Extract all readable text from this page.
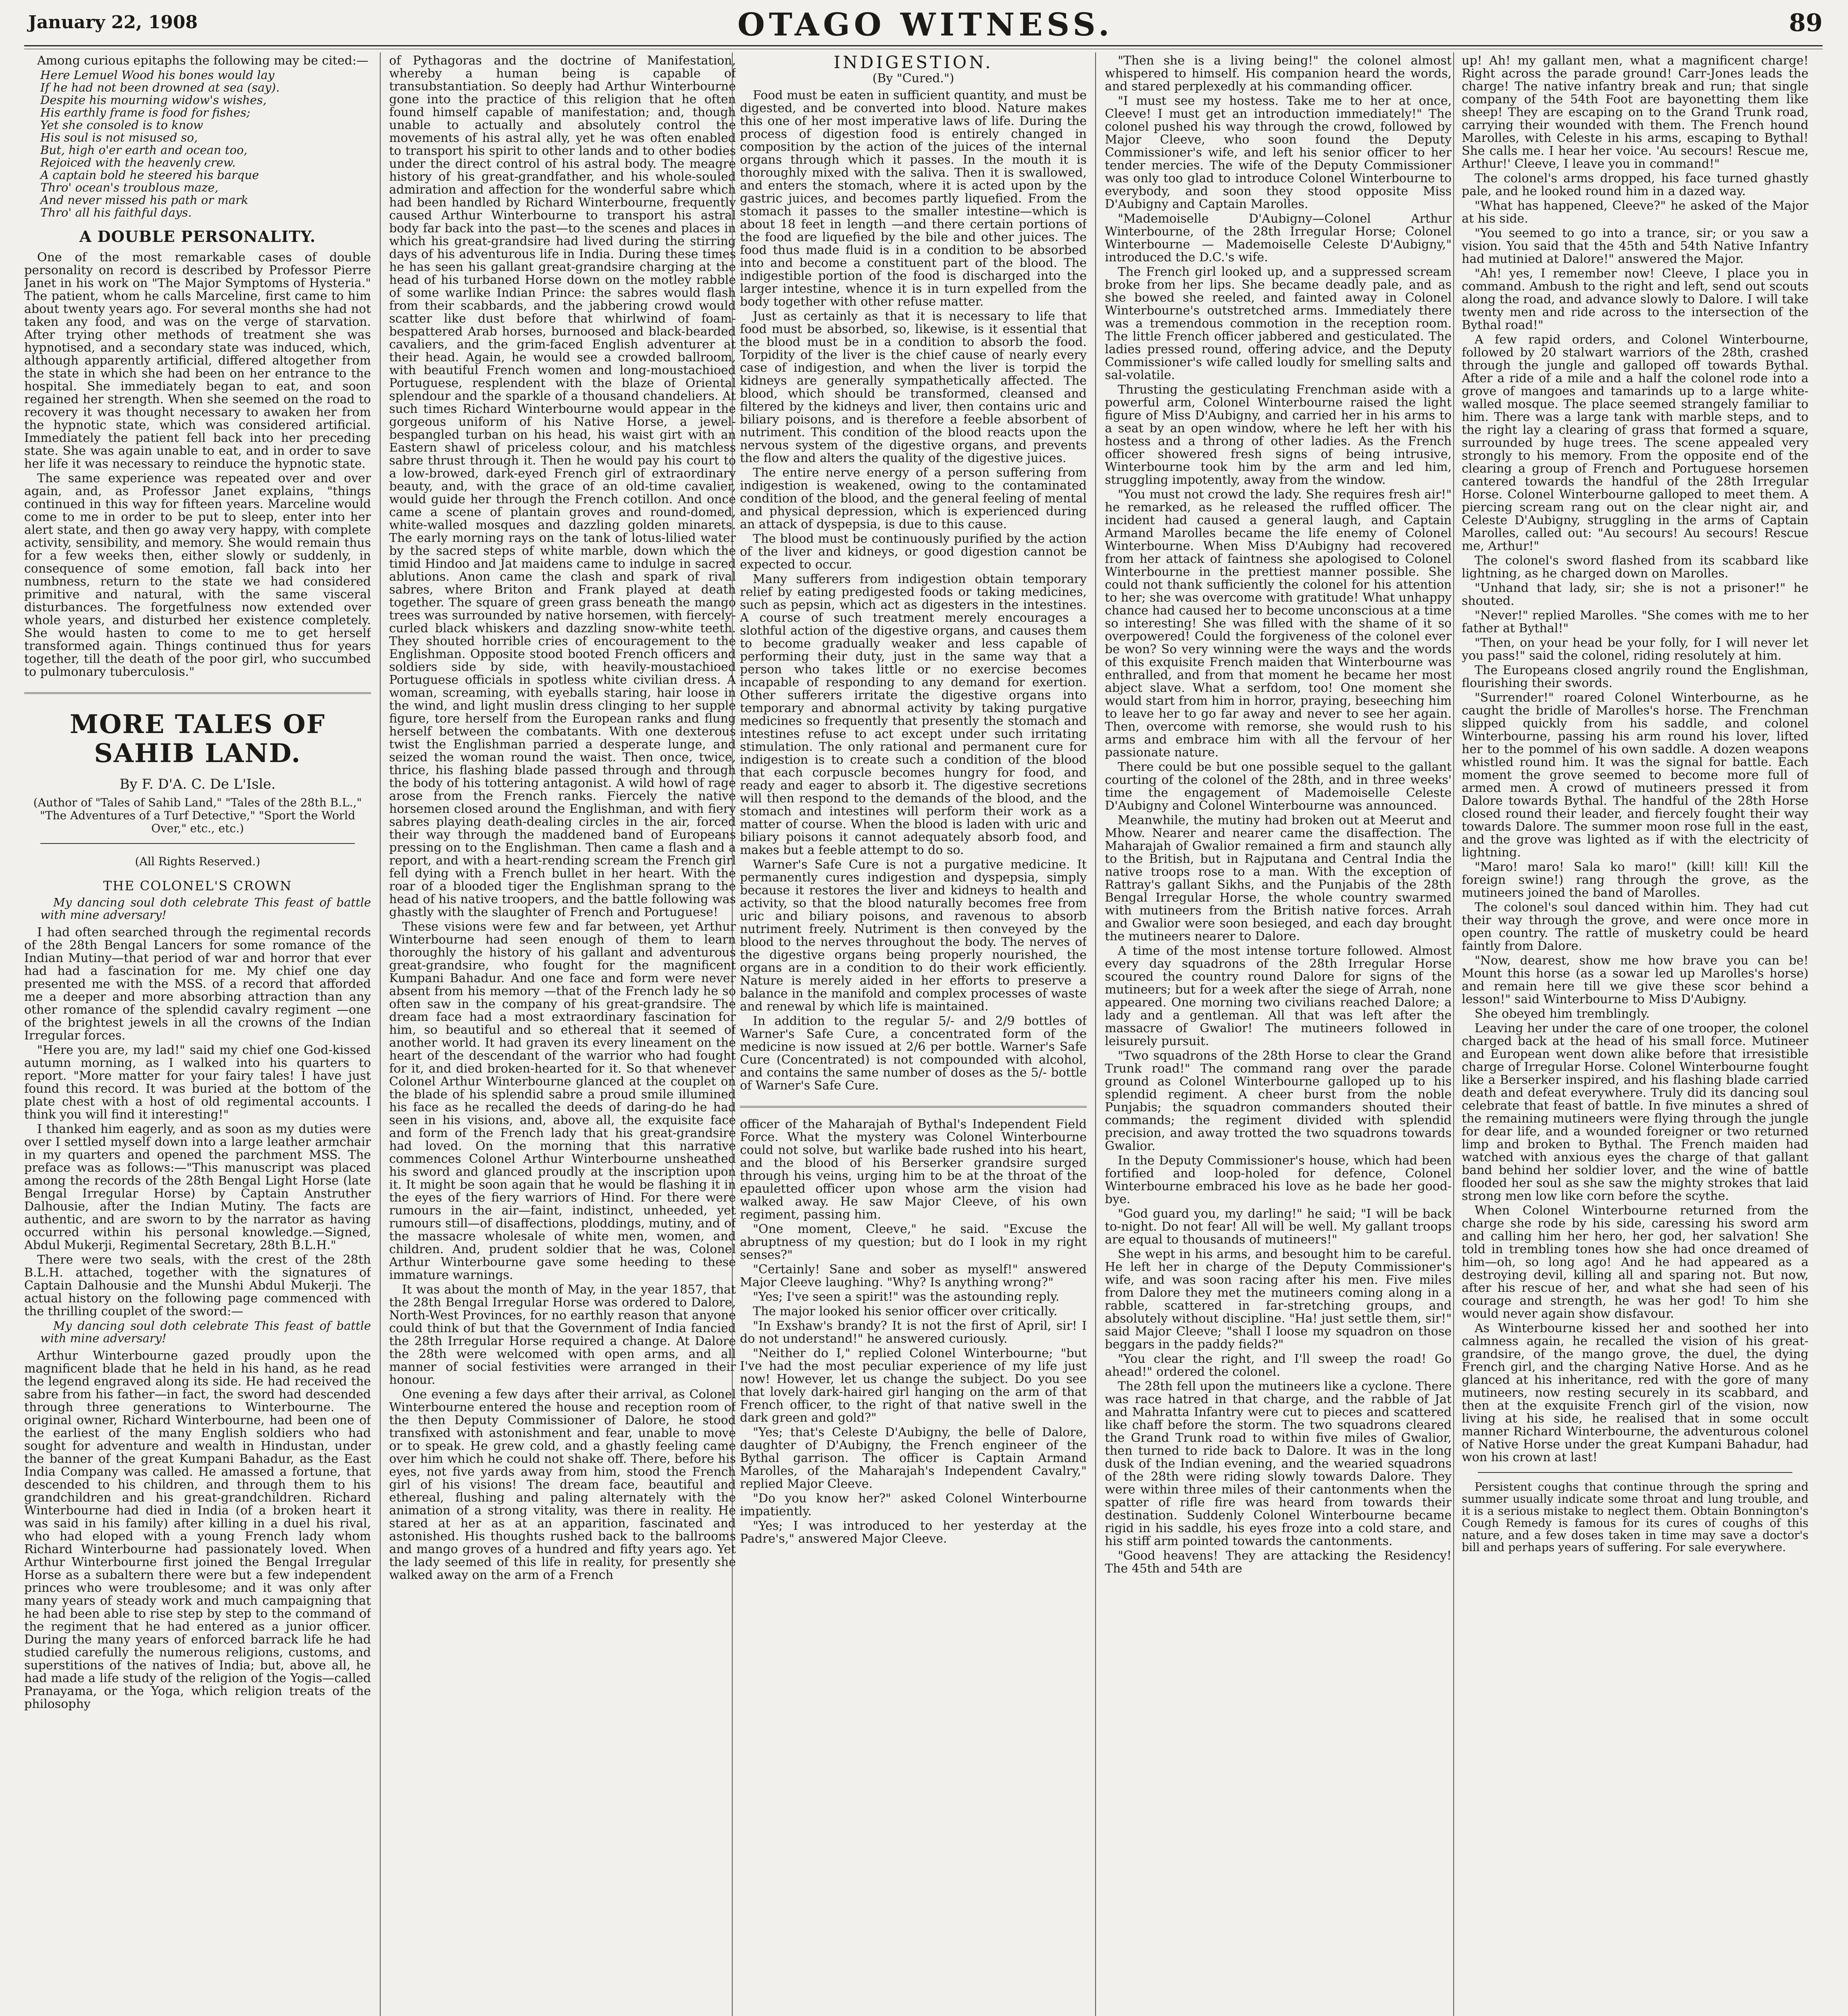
January 22, 1908	OTAGO WITNESS.	89

Among curious epitaphs the following may be cited:—

Here Lemuel Wood his bones would lay
If he had not been drowned at sea (say).
Despite his mourning widow's wishes,
His earthly frame is food for fishes;
Yet she consoled is to know
His soul is not misused so,
But, high o'er earth and ocean too,
Rejoiced with the heavenly crew.
A captain bold he steered his barque
Thro' ocean's troublous maze,
And never missed his path or mark
Thro' all his faithful days.
A DOUBLE PERSONALITY.

One of the most remarkable cases of double personality on record is described by Professor Pierre Janet in his work on "The Major Symptoms of Hysteria." The patient, whom he calls Marceline, first came to him about twenty years ago. For several months she had not taken any food, and was on the verge of starvation. After trying other methods of treatment she was hypnotised, and a secondary state was induced, which, although apparently artificial, differed altogether from the state in which she had been on her entrance to the hospital. She immediately began to eat, and soon regained her strength. When she seemed on the road to recovery it was thought necessary to awaken her from the hypnotic state, which was considered artificial. Immediately the patient fell back into her preceding state. She was again unable to eat, and in order to save her life it was necessary to reinduce the hypnotic state.

The same experience was repeated over and over again, and, as Professor Janet explains, "things continued in this way for fifteen years. Marceline would come to me in order to be put to sleep, enter into her alert state, and then go away very happy, with complete activity, sensibility, and memory. She would remain thus for a few weeks then, either slowly or suddenly, in consequence of some emotion, fall back into her numbness, return to the state we had considered primitive and natural, with the same visceral disturbances. The forgetfulness now extended over whole years, and disturbed her existence completely. She would hasten to come to me to get herself transformed again. Things continued thus for years together, till the death of the poor girl, who succumbed to pulmonary tuberculosis."

MORE TALES OF SAHIB LAND.
By F. D'A. C. De L'Isle.
(Author of "Tales of Sahib Land," "Tales of the 28th B.L.," "The Adventures of a Turf Detective," "Sport the World Over," etc., etc.)
(All Rights Reserved.)
THE COLONEL'S CROWN

My dancing soul doth celebrate This feast of battle with mine adversary!

I had often searched through the regimental records of the 28th Bengal Lancers for some romance of the Indian Mutiny—that period of war and horror that ever had had a fascination for me. My chief one day presented me with the MSS. of a record that afforded me a deeper and more absorbing attraction than any other romance of the splendid cavalry regiment —one of the brightest jewels in all the crowns of the Indian Irregular forces.

"Here you are, my lad!" said my chief one God-kissed autumn morning, as I walked into his quarters to report. "More matter for your fairy tales! I have just found this record. It was buried at the bottom of the plate chest with a host of old regimental accounts. I think you will find it interesting!"

I thanked him eagerly, and as soon as my duties were over I settled myself down into a large leather armchair in my quarters and opened the parchment MSS. The preface was as follows:—"This manuscript was placed among the records of the 28th Bengal Light Horse (late Bengal Irregular Horse) by Captain Anstruther Dalhousie, after the Indian Mutiny. The facts are authentic, and are sworn to by the narrator as having occurred within his personal knowledge.—Signed, Abdul Mukerji, Regimental Secretary, 28th B.L.H."

There were two seals, with the crest of the 28th B.L.H. attached, together with the signatures of Captain Dalhousie and the Munshi Abdul Mukerji. The actual history on the following page commenced with the thrilling couplet of the sword:—

My dancing soul doth celebrate This feast of battle with mine adversary!

Arthur Winterbourne gazed proudly upon the magnificent blade that he held in his hand, as he read the legend engraved along its side. He had received the sabre from his father—in fact, the sword had descended through three generations to Winterbourne. The original owner, Richard Winterbourne, had been one of the earliest of the many English soldiers who had sought for adventure and wealth in Hindustan, under the banner of the great Kumpani Bahadur, as the East India Company was called. He amassed a fortune, that descended to his children, and through them to his grandchildren and his great-grandchildren. Richard Winterbourne had died in India (of a broken heart it was said in his family) after killing in a duel his rival, who had eloped with a young French lady whom Richard Winterbourne had passionately loved. When Arthur Winterbourne first joined the Bengal Irregular Horse as a subaltern there were but a few independent princes who were troublesome; and it was only after many years of steady work and much campaigning that he had been able to rise step by step to the command of the regiment that he had entered as a junior officer. During the many years of enforced barrack life he had studied carefully the numerous religions, customs, and superstitions of the natives of India; but, above all, he had made a life study of the religion of the Yogis—called Pranayama, or the Yoga, which religion treats of the philosophy

of Pythagoras and the doctrine of Manifestation, whereby a human being is capable of transubstantiation. So deeply had Arthur Winterbourne gone into the practice of this religion that he often found himself capable of manifestation; and, though unable to actually and absolutely control the movements of his astral ally, yet he was often enabled to transport his spirit to other lands and to other bodies under the direct control of his astral body. The meagre history of his great-grandfather, and his whole-souled admiration and affection for the wonderful sabre which had been handled by Richard Winterbourne, frequently caused Arthur Winterbourne to transport his astral body far back into the past—to the scenes and places in which his great-grandsire had lived during the stirring days of his adventurous life in India. During these times he has seen his gallant great-grandsire charging at the head of his turbaned Horse down on the motley rabble of some warlike Indian Prince: the sabres would flash from their scabbards, and the jabbering crowd would scatter like dust before that whirlwind of foam-bespattered Arab horses, burnoosed and black-bearded cavaliers, and the grim-faced English adventurer at their head. Again, he would see a crowded ballroom, with beautiful French women and long-moustachioed Portuguese, resplendent with the blaze of Oriental splendour and the sparkle of a thousand chandeliers. At such times Richard Winterbourne would appear in the gorgeous uniform of his Native Horse, a jewel-bespangled turban on his head, his waist girt with an Eastern shawl of priceless colour, and his matchless sabre thrust through it. Then he would pay his court to a low-browed, dark-eyed French girl of extraordinary beauty, and, with the grace of an old-time cavalier, would guide her through the French cotillon. And once came a scene of plantain groves and round-domed, white-walled mosques and dazzling golden minarets. The early morning rays on the tank of lotus-lilied water by the sacred steps of white marble, down which the timid Hindoo and Jat maidens came to indulge in sacred ablutions. Anon came the clash and spark of rival sabres, where Briton and Frank played at death together. The square of green grass beneath the mango trees was surrounded by native horsemen, with fiercely-curled black whiskers and dazzling snow-white teeth. They shouted horrible cries of encouragement to the Englishman. Opposite stood booted French officers and soldiers side by side, with heavily-moustachioed Portuguese officials in spotless white civilian dress. A woman, screaming, with eyeballs staring, hair loose in the wind, and light muslin dress clinging to her supple figure, tore herself from the European ranks and flung herself between the combatants. With one dexterous twist the Englishman parried a desperate lunge, and seized the woman round the waist. Then once, twice, thrice, his flashing blade passed through and through the body of his tottering antagonist. A wild howl of rage arose from the French ranks. Fiercely the native horsemen closed around the Englishman, and with fiery sabres playing death-dealing circles in the air, forced their way through the maddened band of Europeans pressing on to the Englishman. Then came a flash and a report, and with a heart-rending scream the French girl fell dying with a French bullet in her heart. With the roar of a blooded tiger the Englishman sprang to the head of his native troopers, and the battle following was ghastly with the slaughter of French and Portuguese!

These visions were few and far between, yet Arthur Winterbourne had seen enough of them to learn thoroughly the history of his gallant and adventurous great-grandsire, who fought for the magnificent Kumpani Bahadur. And one face and form were never absent from his memory —that of the French lady he so often saw in the company of his great-grandsire. The dream face had a most extraordinary fascination for him, so beautiful and so ethereal that it seemed of another world. It had graven its every lineament on the heart of the descendant of the warrior who had fought for it, and died broken-hearted for it. So that whenever Colonel Arthur Winterbourne glanced at the couplet on the blade of his splendid sabre a proud smile illumined his face as he recalled the deeds of daring-do he had seen in his visions, and, above all, the exquisite face and form of the French lady that his great-grandsire had loved. On the morning that this narrative commences Colonel Arthur Winterbourne unsheathed his sword and glanced proudly at the inscription upon it. It might be soon again that he would be flashing it in the eyes of the fiery warriors of Hind. For there were rumours in the air—faint, indistinct, unheeded, yet rumours still—of disaffections, ploddings, mutiny, and of the massacre wholesale of white men, women, and children. And, prudent soldier that he was, Colonel Arthur Winterbourne gave some heeding to these immature warnings.

It was about the month of May, in the year 1857, that the 28th Bengal Irregular Horse was ordered to Dalore, North-West Provinces, for no earthly reason that anyone could think of but that the Government of India fancied the 28th Irregular Horse required a change. At Dalore the 28th were welcomed with open arms, and all manner of social festivities were arranged in their honour.

One evening a few days after their arrival, as Colonel Winterbourne entered the house and reception room of the then Deputy Commissioner of Dalore, he stood transfixed with astonishment and fear, unable to move or to speak. He grew cold, and a ghastly feeling came over him which he could not shake off. There, before his eyes, not five yards away from him, stood the French girl of his visions! The dream face, beautiful and ethereal, flushing and paling alternately with the animation of a strong vitality, was there in reality. He stared at her as at an apparition, fascinated and astonished. His thoughts rushed back to the ballrooms and mango groves of a hundred and fifty years ago. Yet the lady seemed of this life in reality, for presently she walked away on the arm of a French

INDIGESTION.
(By "Cured.")

Food must be eaten in sufficient quantity, and must be digested, and be converted into blood. Nature makes this one of her most imperative laws of life. During the process of digestion food is entirely changed in composition by the action of the juices of the internal organs through which it passes. In the mouth it is thoroughly mixed with the saliva. Then it is swallowed, and enters the stomach, where it is acted upon by the gastric juices, and becomes partly liquefied. From the stomach it passes to the smaller intestine—which is about 18 feet in length —and there certain portions of the food are liquefied by the bile and other juices. The food thus made fluid is in a condition to be absorbed into and become a constituent part of the blood. The indigestible portion of the food is discharged into the larger intestine, whence it is in turn expelled from the body together with other refuse matter.

Just as certainly as that it is necessary to life that food must be absorbed, so, likewise, is it essential that the blood must be in a condition to absorb the food. Torpidity of the liver is the chief cause of nearly every case of indigestion, and when the liver is torpid the kidneys are generally sympathetically affected. The blood, which should be transformed, cleansed and filtered by the kidneys and liver, then contains uric and biliary poisons, and is therefore a feeble absorbent of nutriment. This condition of the blood reacts upon the nervous system of the digestive organs, and prevents the flow and alters the quality of the digestive juices.

The entire nerve energy of a person suffering from indigestion is weakened, owing to the contaminated condition of the blood, and the general feeling of mental and physical depression, which is experienced during an attack of dyspepsia, is due to this cause.

The blood must be continuously purified by the action of the liver and kidneys, or good digestion cannot be expected to occur.

Many sufferers from indigestion obtain temporary relief by eating predigested foods or taking medicines, such as pepsin, which act as digesters in the intestines. A course of such treatment merely encourages a slothful action of the digestive organs, and causes them to become gradually weaker and less capable of performing their duty, just in the same way that a person who takes little or no exercise becomes incapable of responding to any demand for exertion. Other sufferers irritate the digestive organs into temporary and abnormal activity by taking purgative medicines so frequently that presently the stomach and intestines refuse to act except under such irritating stimulation. The only rational and permanent cure for indigestion is to create such a condition of the blood that each corpuscle becomes hungry for food, and ready and eager to absorb it. The digestive secretions will then respond to the demands of the blood, and the stomach and intestines will perform their work as a matter of course. When the blood is laden with uric and biliary poisons it cannot adequately absorb food, and makes but a feeble attempt to do so.

Warner's Safe Cure is not a purgative medicine. It permanently cures indigestion and dyspepsia, simply because it restores the liver and kidneys to health and activity, so that the blood naturally becomes free from uric and biliary poisons, and ravenous to absorb nutriment freely. Nutriment is then conveyed by the blood to the nerves throughout the body. The nerves of the digestive organs being properly nourished, the organs are in a condition to do their work efficiently. Nature is merely aided in her efforts to preserve a balance in the manifold and complex processes of waste and renewal by which life is maintained.

In addition to the regular 5/- and 2/9 bottles of Warner's Safe Cure, a concentrated form of the medicine is now issued at 2/6 per bottle. Warner's Safe Cure (Concentrated) is not compounded with alcohol, and contains the same number of doses as the 5/- bottle of Warner's Safe Cure.

officer of the Maharajah of Bythal's Independent Field Force. What the mystery was Colonel Winterbourne could not solve, but warlike bade rushed into his heart, and the blood of his Berserker grandsire surged through his veins, urging him to be at the throat of the epauletted officer upon whose arm the vision had walked away. He saw Major Cleeve, of his own regiment, passing him.

"One moment, Cleeve," he said. "Excuse the abruptness of my question; but do I look in my right senses?"

"Certainly! Sane and sober as myself!" answered Major Cleeve laughing. "Why? Is anything wrong?"

"Yes; I've seen a spirit!" was the astounding reply.

The major looked his senior officer over critically.

"In Exshaw's brandy? It is not the first of April, sir! I do not understand!" he answered curiously.

"Neither do I," replied Colonel Winterbourne; "but I've had the most peculiar experience of my life just now! However, let us change the subject. Do you see that lovely dark-haired girl hanging on the arm of that French officer, to the right of that native swell in the dark green and gold?"

"Yes; that's Celeste D'Aubigny, the belle of Dalore, daughter of D'Aubigny, the French engineer of the Bythal garrison. The officer is Captain Armand Marolles, of the Maharajah's Independent Cavalry," replied Major Cleeve.

"Do you know her?" asked Colonel Winterbourne impatiently.

"Yes; I was introduced to her yesterday at the Padre's," answered Major Cleeve.

"Then she is a living being!" the colonel almost whispered to himself. His companion heard the words, and stared perplexedly at his commanding officer.

"I must see my hostess. Take me to her at once, Cleeve! I must get an introduction immediately!" The colonel pushed his way through the crowd, followed by Major Cleeve, who soon found the Deputy Commissioner's wife, and left his senior officer to her tender mercies. The wife of the Deputy Commissioner was only too glad to introduce Colonel Winterbourne to everybody, and soon they stood opposite Miss D'Aubigny and Captain Marolles.

"Mademoiselle D'Aubigny—Colonel Arthur Winterbourne, of the 28th Irregular Horse; Colonel Winterbourne — Mademoiselle Celeste D'Aubigny," introduced the D.C.'s wife.

The French girl looked up, and a suppressed scream broke from her lips. She became deadly pale, and as she bowed she reeled, and fainted away in Colonel Winterbourne's outstretched arms. Immediately there was a tremendous commotion in the reception room. The little French officer jabbered and gesticulated. The ladies pressed round, offering advice, and the Deputy Commissioner's wife called loudly for smelling salts and sal-volatile.

Thrusting the gesticulating Frenchman aside with a powerful arm, Colonel Winterbourne raised the light figure of Miss D'Aubigny, and carried her in his arms to a seat by an open window, where he left her with his hostess and a throng of other ladies. As the French officer showered fresh signs of being intrusive, Winterbourne took him by the arm and led him, struggling impotently, away from the window.

"You must not crowd the lady. She requires fresh air!" he remarked, as he released the ruffled officer. The incident had caused a general laugh, and Captain Armand Marolles became the life enemy of Colonel Winterbourne. When Miss D'Aubigny had recovered from her attack of faintness she apologised to Colonel Winterbourne in the prettiest manner possible. She could not thank sufficiently the colonel for his attention to her; she was overcome with gratitude! What unhappy chance had caused her to become unconscious at a time so interesting! She was filled with the shame of it so overpowered! Could the forgiveness of the colonel ever be won? So very winning were the ways and the words of this exquisite French maiden that Winterbourne was enthralled, and from that moment he became her most abject slave. What a serfdom, too! One moment she would start from him in horror, praying, beseeching him to leave her to go far away and never to see her again. Then, overcome with remorse, she would rush to his arms and embrace him with all the fervour of her passionate nature.

There could be but one possible sequel to the gallant courting of the colonel of the 28th, and in three weeks' time the engagement of Mademoiselle Celeste D'Aubigny and Colonel Winterbourne was announced.

Meanwhile, the mutiny had broken out at Meerut and Mhow. Nearer and nearer came the disaffection. The Maharajah of Gwalior remained a firm and staunch ally to the British, but in Rajputana and Central India the native troops rose to a man. With the exception of Rattray's gallant Sikhs, and the Punjabis of the 28th Bengal Irregular Horse, the whole country swarmed with mutineers from the British native forces. Arrah and Gwalior were soon besieged, and each day brought the mutineers nearer to Dalore.

A time of the most intense torture followed. Almost every day squadrons of the 28th Irregular Horse scoured the country round Dalore for signs of the mutineers; but for a week after the siege of Arrah, none appeared. One morning two civilians reached Dalore; a lady and a gentleman. All that was left after the massacre of Gwalior! The mutineers followed in leisurely pursuit.

"Two squadrons of the 28th Horse to clear the Grand Trunk road!" The command rang over the parade ground as Colonel Winterbourne galloped up to his splendid regiment. A cheer burst from the noble Punjabis; the squadron commanders shouted their commands; the regiment divided with splendid precision, and away trotted the two squadrons towards Gwalior.

In the Deputy Commissioner's house, which had been fortified and loop-holed for defence, Colonel Winterbourne embraced his love as he bade her good-bye.

"God guard you, my darling!" he said; "I will be back to-night. Do not fear! All will be well. My gallant troops are equal to thousands of mutineers!"

She wept in his arms, and besought him to be careful. He left her in charge of the Deputy Commissioner's wife, and was soon racing after his men. Five miles from Dalore they met the mutineers coming along in a rabble, scattered in far-stretching groups, and absolutely without discipline. "Ha! just settle them, sir!" said Major Cleeve; "shall I loose my squadron on those beggars in the paddy fields?"

"You clear the right, and I'll sweep the road! Go ahead!" ordered the colonel.

The 28th fell upon the mutineers like a cyclone. There was race hatred in that charge, and the rabble of Jat and Mahratta Infantry were cut to pieces and scattered like chaff before the storm. The two squadrons cleared the Grand Trunk road to within five miles of Gwalior, then turned to ride back to Dalore. It was in the long dusk of the Indian evening, and the wearied squadrons of the 28th were riding slowly towards Dalore. They were within three miles of their cantonments when the spatter of rifle fire was heard from towards their destination. Suddenly Colonel Winterbourne became rigid in his saddle, his eyes froze into a cold stare, and his stiff arm pointed towards the cantonments.

"Good heavens! They are attacking the Residency! The 45th and 54th are

up! Ah! my gallant men, what a magnificent charge! Right across the parade ground! Carr-Jones leads the charge! The native infantry break and run; that single company of the 54th Foot are bayonetting them like sheep! They are escaping on to the Grand Trunk road, carrying their wounded with them. The French hound Marolles, with Celeste in his arms, escaping to Bythal! She calls me. I hear her voice. 'Au secours! Rescue me, Arthur!' Cleeve, I leave you in command!"

The colonel's arms dropped, his face turned ghastly pale, and he looked round him in a dazed way.

"What has happened, Cleeve?" he asked of the Major at his side.

"You seemed to go into a trance, sir; or you saw a vision. You said that the 45th and 54th Native Infantry had mutinied at Dalore!" answered the Major.

"Ah! yes, I remember now! Cleeve, I place you in command. Ambush to the right and left, send out scouts along the road, and advance slowly to Dalore. I will take twenty men and ride across to the intersection of the Bythal road!"

A few rapid orders, and Colonel Winterbourne, followed by 20 stalwart warriors of the 28th, crashed through the jungle and galloped off towards Bythal. After a ride of a mile and a half the colonel rode into a grove of mangoes and tamarinds up to a large white-walled mosque. The place seemed strangely familiar to him. There was a large tank with marble steps, and to the right lay a clearing of grass that formed a square, surrounded by huge trees. The scene appealed very strongly to his memory. From the opposite end of the clearing a group of French and Portuguese horsemen cantered towards the handful of the 28th Irregular Horse. Colonel Winterbourne galloped to meet them. A piercing scream rang out on the clear night air, and Celeste D'Aubigny, struggling in the arms of Captain Marolles, called out: "Au secours! Au secours! Rescue me, Arthur!"

The colonel's sword flashed from its scabbard like lightning, as he charged down on Marolles.

"Unhand that lady, sir; she is not a prisoner!" he shouted.

"Never!" replied Marolles. "She comes with me to her father at Bythal!"

"Then, on your head be your folly, for I will never let you pass!" said the colonel, riding resolutely at him.

The Europeans closed angrily round the Englishman, flourishing their swords.

"Surrender!" roared Colonel Winterbourne, as he caught the bridle of Marolles's horse. The Frenchman slipped quickly from his saddle, and colonel Winterbourne, passing his arm round his lover, lifted her to the pommel of his own saddle. A dozen weapons whistled round him. It was the signal for battle. Each moment the grove seemed to become more full of armed men. A crowd of mutineers pressed it from Dalore towards Bythal. The handful of the 28th Horse closed round their leader, and fiercely fought their way towards Dalore. The summer moon rose full in the east, and the grove was lighted as if with the electricity of lightning.

"Maro! maro! Sala ko maro!" (kill! kill! Kill the foreign swine!) rang through the grove, as the mutineers joined the band of Marolles.

The colonel's soul danced within him. They had cut their way through the grove, and were once more in open country. The rattle of musketry could be heard faintly from Dalore.

"Now, dearest, show me how brave you can be! Mount this horse (as a sowar led up Marolles's horse) and remain here till we give these scor behind a lesson!" said Winterbourne to Miss D'Aubigny.

She obeyed him tremblingly.

Leaving her under the care of one trooper, the colonel charged back at the head of his small force. Mutineer and European went down alike before that irresistible charge of Irregular Horse. Colonel Winterbourne fought like a Berserker inspired, and his flashing blade carried death and defeat everywhere. Truly did its dancing soul celebrate that feast of battle. In five minutes a shred of the remaining mutineers were flying through the jungle for dear life, and a wounded foreigner or two returned limp and broken to Bythal. The French maiden had watched with anxious eyes the charge of that gallant band behind her soldier lover, and the wine of battle flooded her soul as she saw the mighty strokes that laid strong men low like corn before the scythe.

When Colonel Winterbourne returned from the charge she rode by his side, caressing his sword arm and calling him her hero, her god, her salvation! She told in trembling tones how she had once dreamed of him—oh, so long ago! And he had appeared as a destroying devil, killing all and sparing not. But now, after his rescue of her, and what she had seen of his courage and strength, he was her god! To him she would never again show disfavour.

As Winterbourne kissed her and soothed her into calmness again, he recalled the vision of his great-grandsire, of the mango grove, the duel, the dying French girl, and the charging Native Horse. And as he glanced at his inheritance, red with the gore of many mutineers, now resting securely in its scabbard, and then at the exquisite French girl of the vision, now living at his side, he realised that in some occult manner Richard Winterbourne, the adventurous colonel of Native Horse under the great Kumpani Bahadur, had won his crown at last!

Persistent coughs that continue through the spring and summer usually indicate some throat and lung trouble, and it is a serious mistake to neglect them. Obtain Bonnington's Cough Remedy is famous for its cures of coughs of this nature, and a few doses taken in time may save a doctor's bill and perhaps years of suffering. For sale everywhere.
